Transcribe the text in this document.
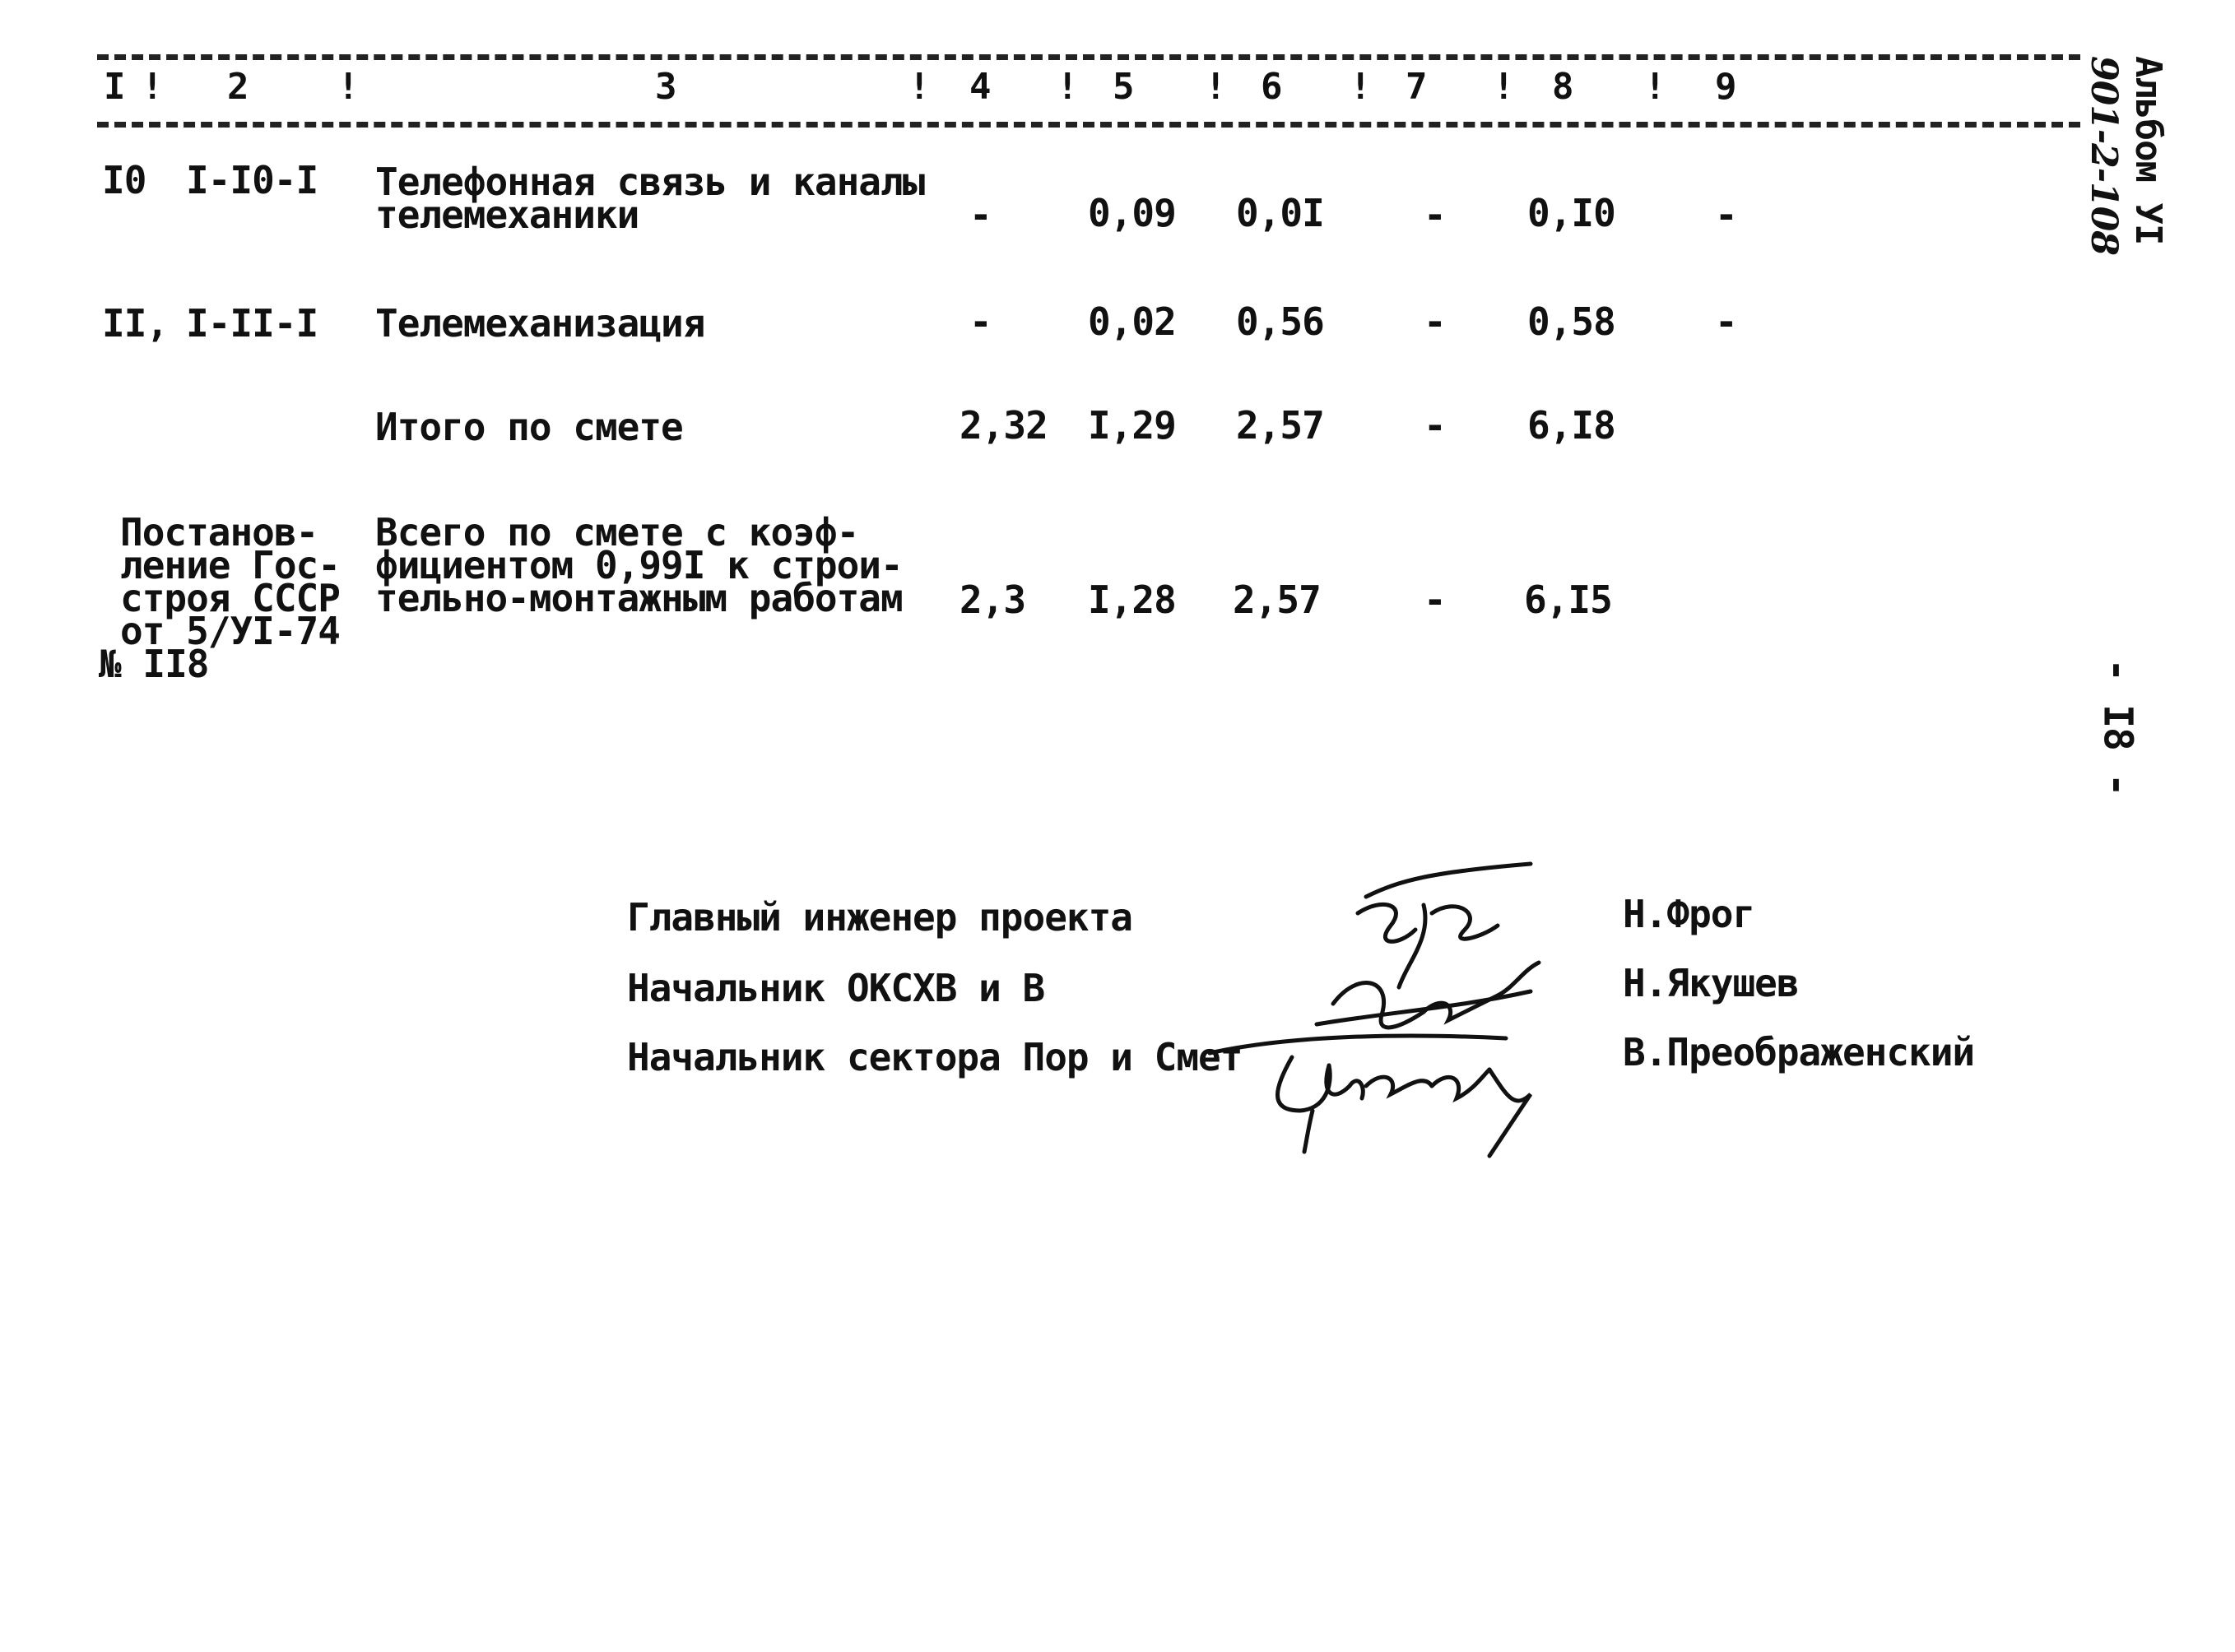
I ! 2 !	3	! 4 ! 5 ! 6 ! 7 ! 8 ! 9
I0 I-I0-I Телефонная связь и каналы
телемеханики	-	0,09 0,0I	- 0,I0	-
II, I-II-I Телемеханизация	-	0,02 0,56	- 0,58	-
Итого по смете	2,32 I,29 2,57	- 6,I8
Постанов-
ление Гос-
строя СССР
от 5/УI-74
№ II8
Всего по смете с коэф-
фициентом 0,99I к строи-
тельно-монтажным работам 2,3 I,28 2,57	- 6,I5
Альбом УI
901-2-108
- I8 -
Главный инженер проекта
Начальник ОКСХВ и В
Начальник сектора Пор и Смет
Н.Фрог
Н.Якушев
В.Преображенский
